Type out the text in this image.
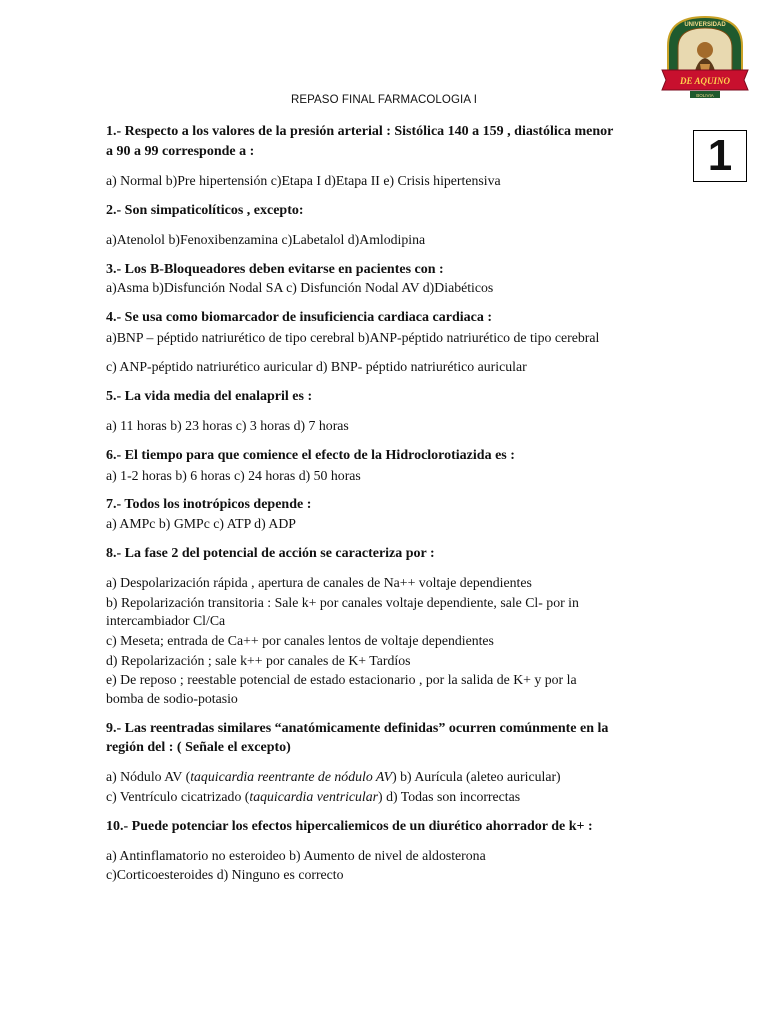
UNIVERSIDAD
DE AQUINO
BOLIVIA
1
REPASO FINAL FARMACOLOGIA I
1.- Respecto a los valores de la presión arterial : Sistólica 140 a 159 , diastólica menor
a 90 a 99 corresponde a :
a) Normal b)Pre hipertensión c)Etapa I d)Etapa II e) Crisis hipertensiva
2.- Son simpaticolíticos , excepto:
a)Atenolol b)Fenoxibenzamina c)Labetalol d)Amlodipina
3.- Los B-Bloqueadores deben evitarse en pacientes con :
a)Asma b)Disfunción Nodal SA c) Disfunción Nodal AV d)Diabéticos
4.- Se usa como biomarcador de insuficiencia cardiaca cardiaca :
a)BNP – péptido natriurético de tipo cerebral b)ANP-péptido natriurético de tipo cerebral
c) ANP-péptido natriurético auricular d) BNP- péptido natriurético auricular
5.- La vida media del enalapril es :
a) 11 horas b) 23 horas c) 3 horas d) 7 horas
6.- El tiempo para que comience el efecto de la Hidroclorotiazida es :
a) 1-2 horas b) 6 horas c) 24 horas d) 50 horas
7.- Todos los inotrópicos depende :
a) AMPc b) GMPc c) ATP d) ADP
8.- La fase 2 del potencial de acción se caracteriza por :
a) Despolarización rápida , apertura de canales de Na++ voltaje dependientes
b) Repolarización transitoria : Sale k+ por canales voltaje dependiente, sale Cl- por in
intercambiador Cl/Ca
c) Meseta; entrada de Ca++ por canales lentos de voltaje dependientes
d) Repolarización ; sale k++ por canales de K+ Tardíos
e) De reposo ; reestable potencial de estado estacionario , por la salida de K+ y por la
bomba de sodio-potasio
9.- Las reentradas similares “anatómicamente definidas” ocurren comúnmente en la
región del : ( Señale el excepto)
a) Nódulo AV (taquicardia reentrante de nódulo AV) b) Aurícula (aleteo auricular)
c) Ventrículo cicatrizado (taquicardia ventricular) d) Todas son incorrectas
10.- Puede potenciar los efectos hipercaliemicos de un diurético ahorrador de k+ :
a) Antinflamatorio no esteroideo b) Aumento de nivel de aldosterona
c)Corticoesteroides d) Ninguno es correcto
